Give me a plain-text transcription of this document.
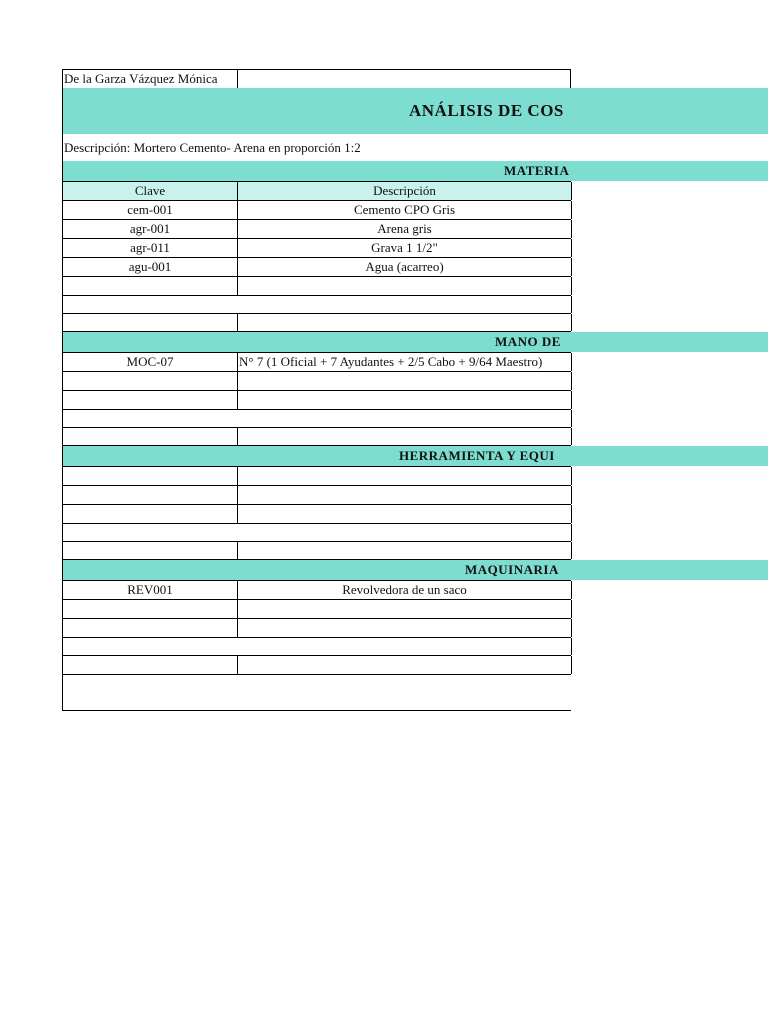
De la Garza Vázquez Mónica
ANÁLISIS DE COS
Descripción: Mortero Cemento- Arena en proporción 1:2
MATERIA
Clave	Descripción
cem-001	Cemento CPO Gris
agr-001	Arena gris
agr-011	Grava 1 1/2"
agu-001	Agua (acarreo)
MANO DE
MOC-07	N° 7 (1 Oficial + 7 Ayudantes + 2/5 Cabo + 9/64 Maestro)
HERRAMIENTA Y EQUI
MAQUINARIA
REV001	Revolvedora de un saco
